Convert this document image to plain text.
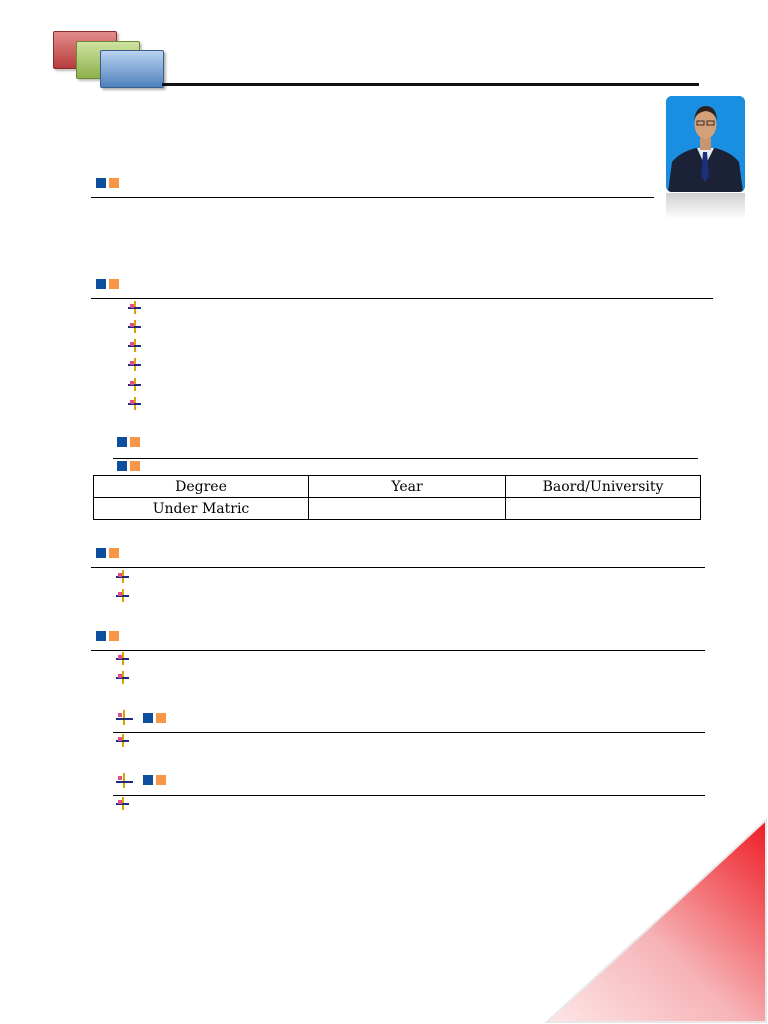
Degree	Year	Baord/University
Under Matric		
